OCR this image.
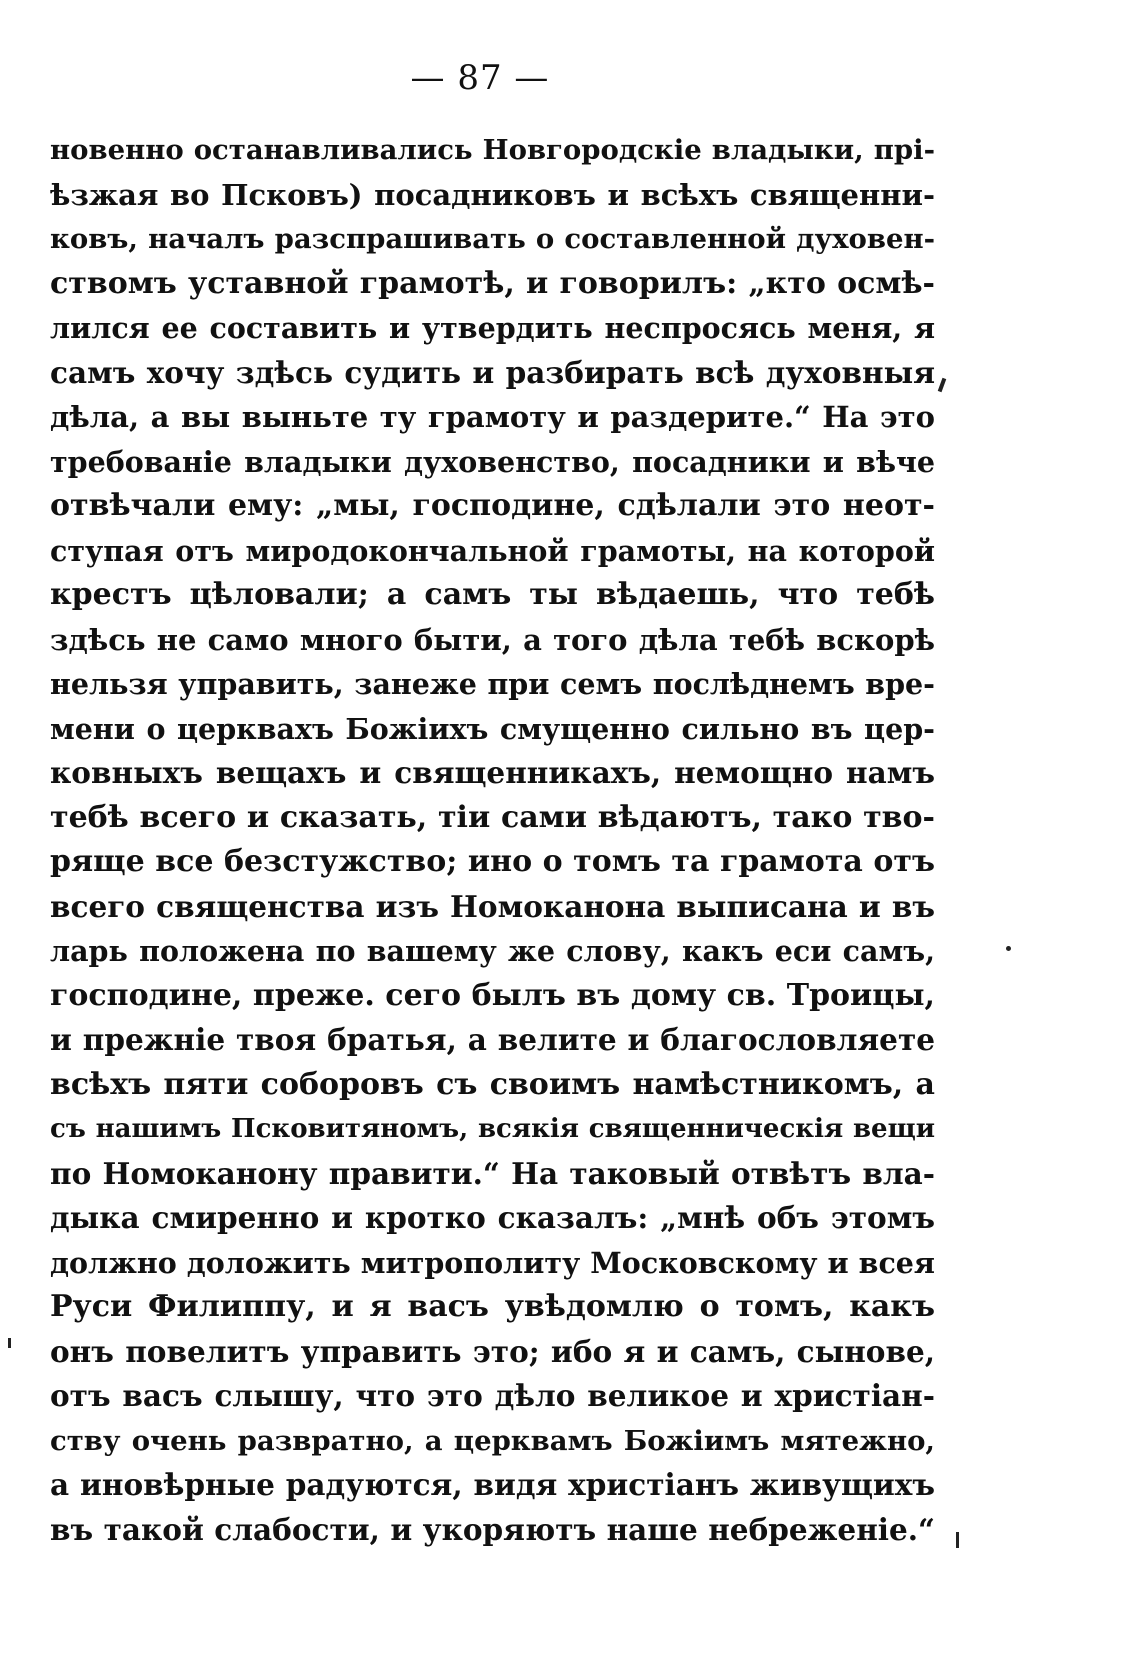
— 87 —
новенно останавливались Новгородскіе владыки, прі-
ѣзжая во Псковъ) посадниковъ и всѣхъ священни-
ковъ, началъ разспрашивать о составленной духовен-
ствомъ уставной грамотѣ, и говорилъ: „кто осмѣ-
лился ее составить и утвердить неспросясь меня, я
самъ хочу здѣсь судить и разбирать всѣ духовныя
дѣла, а вы выньте ту грамоту и раздерите.“ На это
требованіе владыки духовенство, посадники и вѣче
отвѣчали ему: „мы, господине, сдѣлали это неот-
ступая отъ миродокончальной грамоты, на которой
крестъ цѣловали; а самъ ты вѣдаешь, что тебѣ
здѣсь не само много быти, а того дѣла тебѣ вскорѣ
нельзя управить, занеже при семъ послѣднемъ вре-
мени о церквахъ Божіихъ смущенно сильно въ цер-
ковныхъ вещахъ и священникахъ, немощно намъ
тебѣ всего и сказать, тіи сами вѣдаютъ, тако тво-
ряще все безстужство; ино о томъ та грамота отъ
всего священства изъ Номоканона выписана и въ
ларь положена по вашему же слову, какъ еси самъ,
господине, преже. сего былъ въ дому св. Троицы,
и прежніе твоя братья, а велите и благословляете
всѣхъ пяти соборовъ съ своимъ намѣстникомъ, а
съ нашимъ Псковитяномъ, всякія священническія вещи
по Номоканону правити.“ На таковый отвѣтъ вла-
дыка смиренно и кротко сказалъ: „мнѣ объ этомъ
должно доложить митрополиту Московскому и всея
Руси Филиппу, и я васъ увѣдомлю о томъ, какъ
онъ повелитъ управить это; ибо я и самъ, сынове,
отъ васъ слышу, что это дѣло великое и христіан-
ству очень развратно, а церквамъ Божіимъ мятежно,
а иновѣрные радуются, видя христіанъ живущихъ
въ такой слабости, и укоряютъ наше небреженіе.“
